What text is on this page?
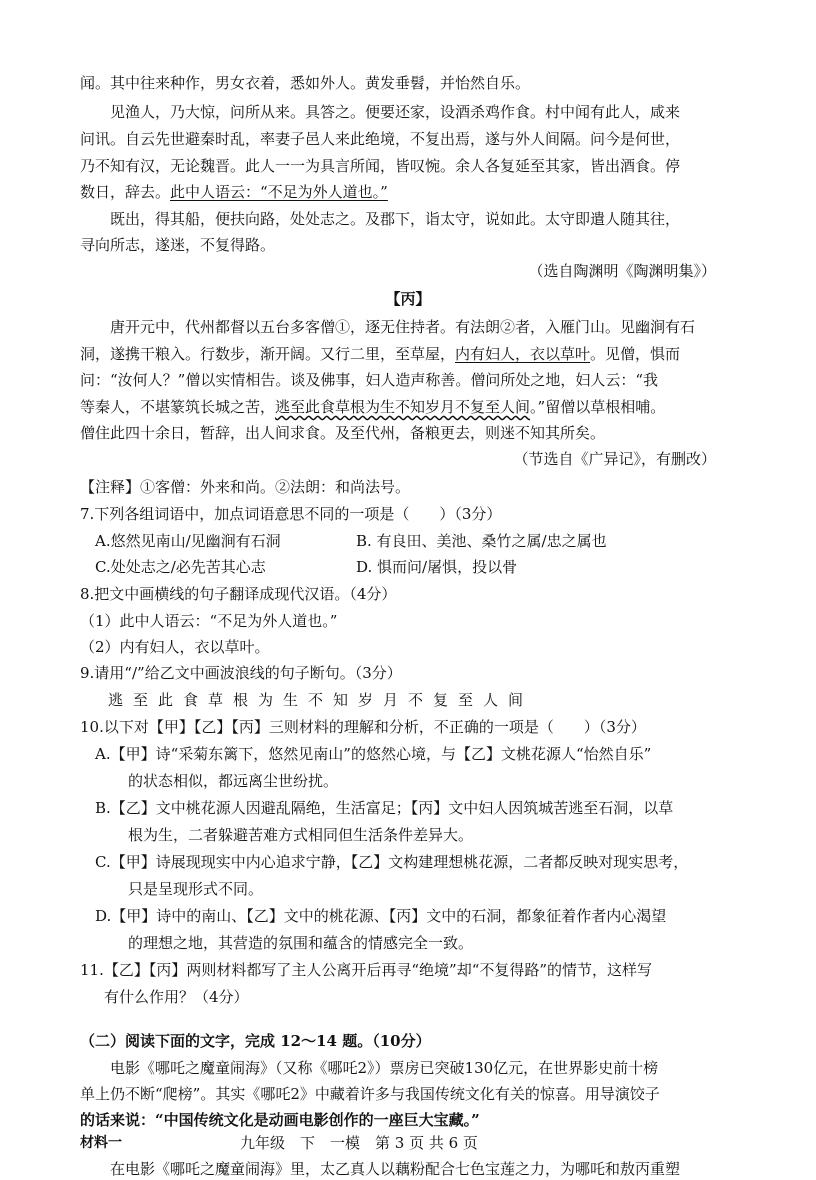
闻。其中往来种作，男女衣着，悉如外人。黄发垂髫，并怡然自乐。
见渔人，乃大惊，问所从来。具答之。便要还家，设酒杀鸡作食。村中闻有此人，咸来
问讯。自云先世避秦时乱，率妻子邑人来此绝境，不复出焉，遂与外人间隔。问今是何世，
乃不知有汉，无论魏晋。此人一一为具言所闻，皆叹惋。余人各复延至其家，皆出酒食。停
数日，辞去。此中人语云：“不足为外人道也。”
既出，得其船，便扶向路，处处志之。及郡下，诣太守，说如此。太守即遣人随其往，
寻向所志，遂迷，不复得路。
（选自陶渊明《陶渊明集》）
【丙】
唐开元中，代州都督以五台多客僧①，逐无住持者。有法朗②者，入雁门山。见幽涧有石
洞，遂携干粮入。行数步，渐开阔。又行二里，至草屋，内有妇人，衣以草叶。见僧，惧而
问：“汝何人？”僧以实情相告。谈及佛事，妇人造声称善。僧问所处之地，妇人云：“我
等秦人，不堪篆筑长城之苦，逃至此食草根为生不知岁月不复至人间。”留僧以草根相哺。
僧住此四十余日，暂辞，出人间求食。及至代州，备粮更去，则迷不知其所矣。
（节选自《广异记》，有删改）
【注释】①客僧：外来和尚。②法朗：和尚法号。
7.下列各组词语中，加点词语意思不同的一项是（　　）（3分）
A.悠然见南山/见幽涧有石洞	B. 有良田、美池、桑竹之属/忠之属也
C.处处志之/必先苦其心志	D. 惧而问/屠惧，投以骨
8.把文中画横线的句子翻译成现代汉语。（4分）
（1）此中人语云：“不足为外人道也。”
（2）内有妇人，衣以草叶。
9.请用“/”给乙文中画波浪线的句子断句。（3分）
逃至此食草根为生不知岁月不复至人间
10.以下对【甲】【乙】【丙】三则材料的理解和分析，不正确的一项是（　　）（3分）
A.【甲】诗“采菊东篱下，悠然见南山”的悠然心境，与【乙】文桃花源人“怡然自乐”
的状态相似，都远离尘世纷扰。
B.【乙】文中桃花源人因避乱隔绝，生活富足；【丙】文中妇人因筑城苦逃至石洞，以草
根为生，二者躲避苦难方式相同但生活条件差异大。
C.【甲】诗展现现实中内心追求宁静，【乙】文构建理想桃花源，二者都反映对现实思考，
只是呈现形式不同。
D.【甲】诗中的南山、【乙】文中的桃花源、【丙】文中的石洞，都象征着作者内心渴望
的理想之地，其营造的氛围和蕴含的情感完全一致。
11.【乙】【丙】两则材料都写了主人公离开后再寻“绝境”却“不复得路”的情节，这样写
有什么作用？（4分）
（二）阅读下面的文字，完成 12～14 题。（10分）
电影《哪吒之魔童闹海》（又称《哪吒2》）票房已突破130亿元，在世界影史前十榜
单上仍不断“爬榜”。其实《哪吒2》中藏着许多与我国传统文化有关的惊喜。用导演饺子
的话来说：“中国传统文化是动画电影创作的一座巨大宝藏。”
材料一
在电影《哪吒之魔童闹海》里，太乙真人以藕粉配合七色宝莲之力，为哪吒和敖丙重塑
九年级　下　一模　第 3 页 共 6 页
